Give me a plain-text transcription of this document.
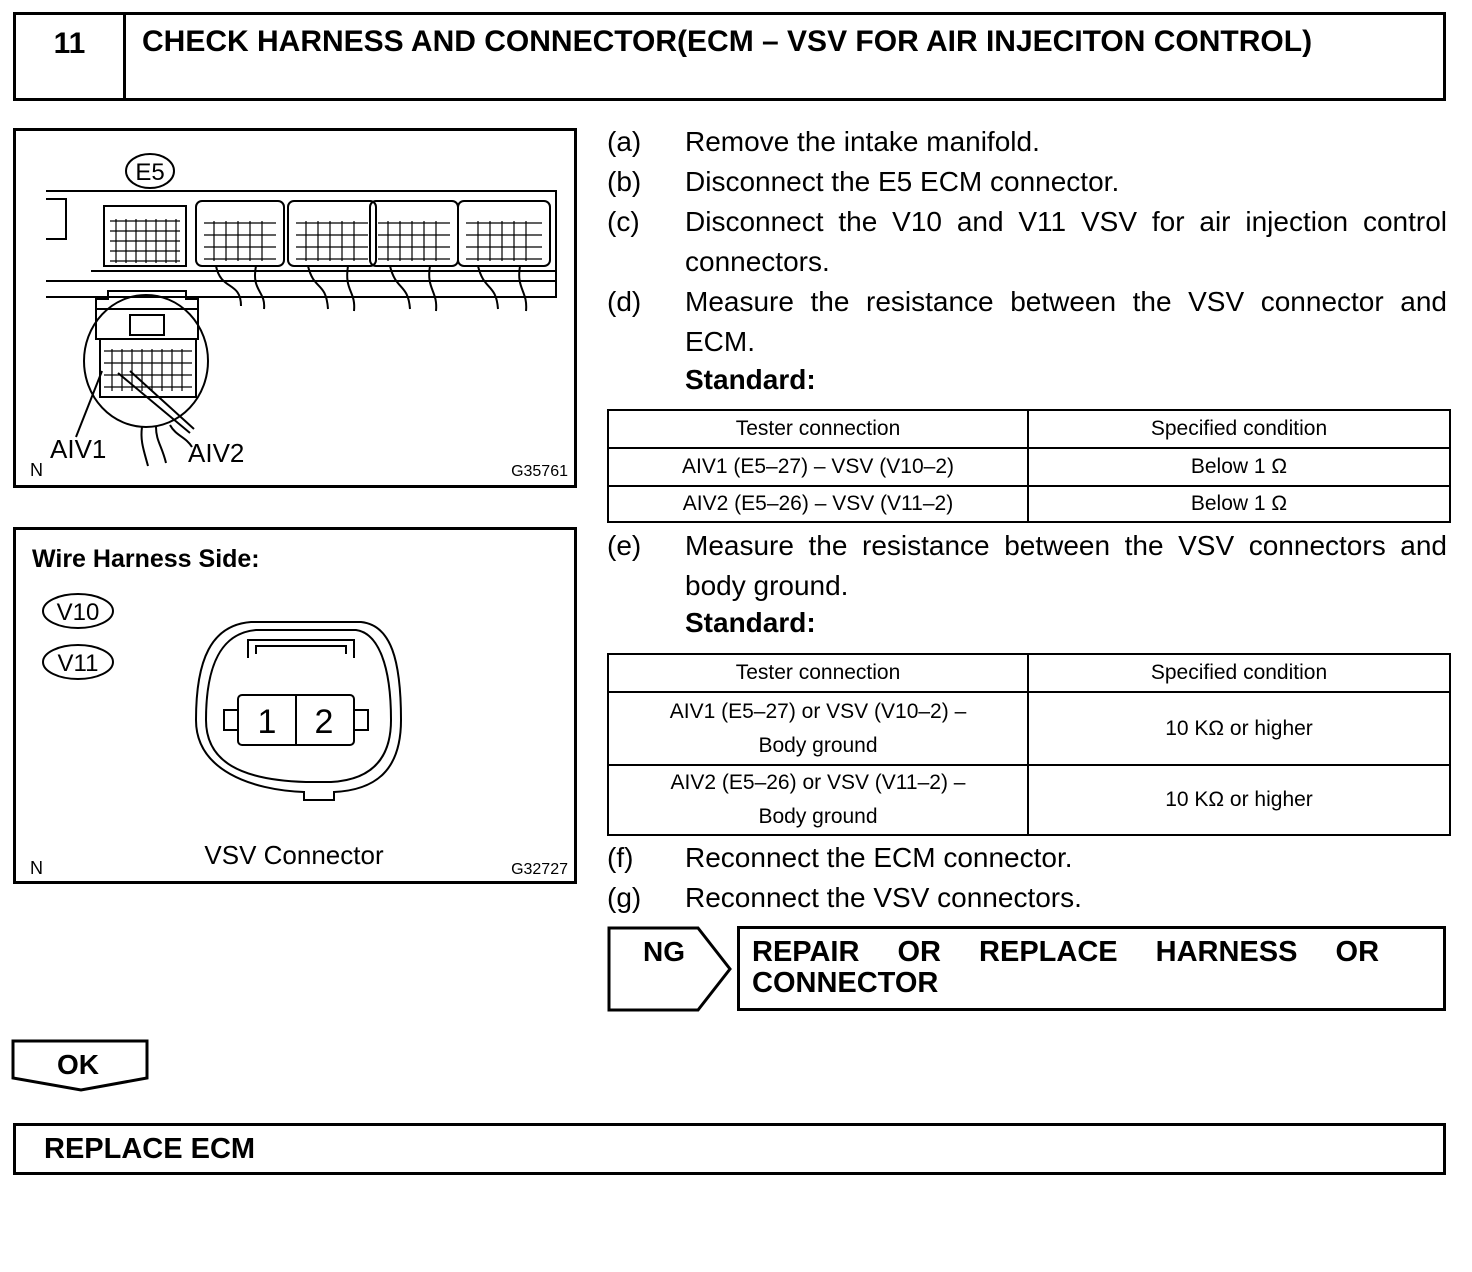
11	CHECK HARNESS AND CONNECTOR(ECM – VSV FOR AIR INJECITON CONTROL)
E5
AIV1	AIV2
N	G35761
Wire Harness Side:
V10
V11
1 2
VSV Connector
N	G32727
(a)	Remove the intake manifold.
(b)	Disconnect the E5 ECM connector.
(c)	Disconnect the V10 and V11 VSV for air injection control connectors.
(d)	Measure the resistance between the VSV connector and ECM.
Standard:
Tester connection	Specified condition
AIV1 (E5–27) – VSV (V10–2)	Below 1 Ω
AIV2 (E5–26) – VSV (V11–2)	Below 1 Ω
(e)	Measure the resistance between the VSV connectors and body ground.
Standard:
Tester connection	Specified condition

AIV1 (E5–27) or VSV (V10–2) –
Body ground	10 KΩ or higher

AIV2 (E5–26) or VSV (V11–2) –
Body ground	10 KΩ or higher
(f)	Reconnect the ECM connector.
(g)	Reconnect the VSV connectors.
NG REPAIR OR REPLACE HARNESS OR CONNECTOR
OK
REPLACE ECM
